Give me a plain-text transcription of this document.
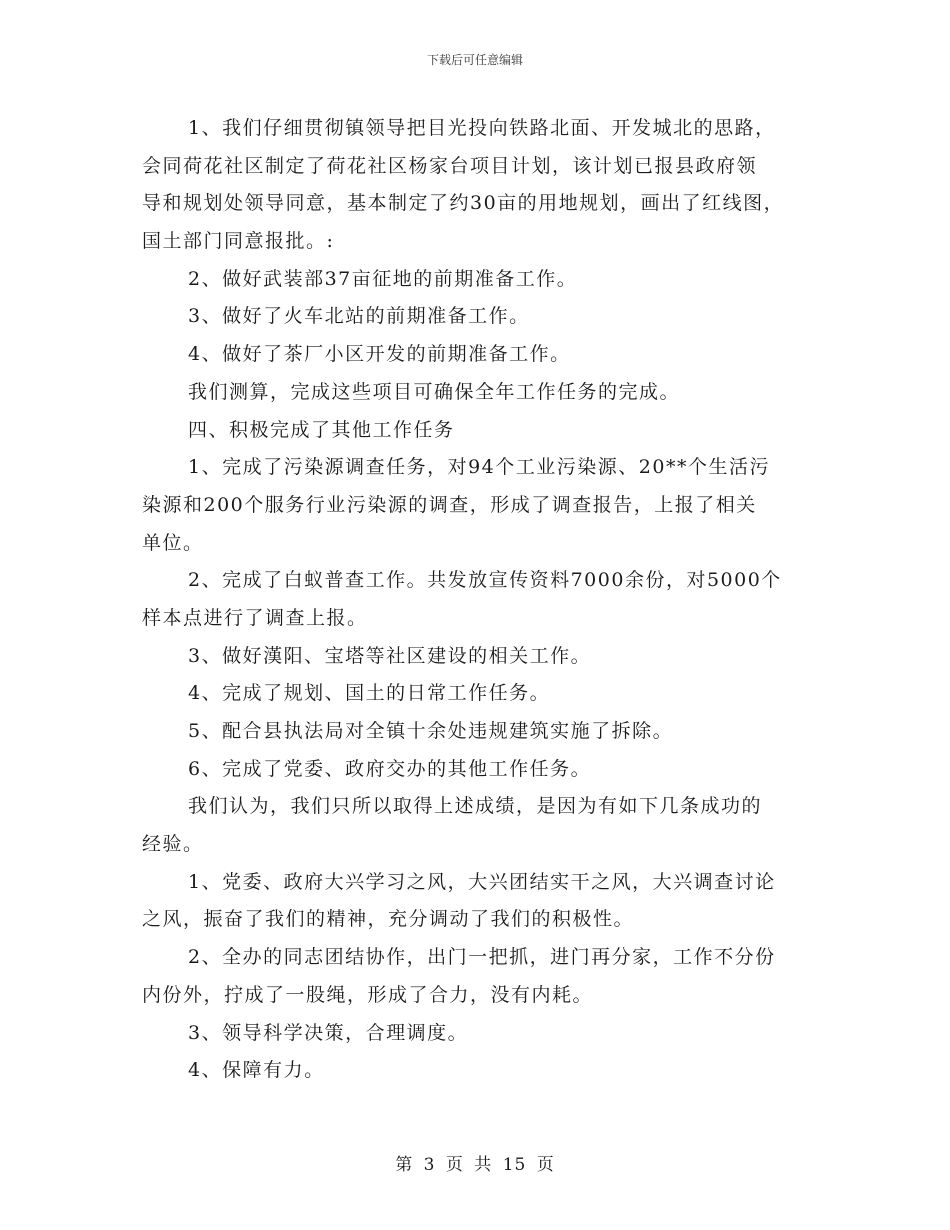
下载后可任意编辑
1、我们仔细贯彻镇领导把目光投向铁路北面、开发城北的思路，
会同荷花社区制定了荷花社区杨家台项目计划，该计划已报县政府领
导和规划处领导同意，基本制定了约30亩的用地规划，画出了红线图，
国土部门同意报批。:
2、做好武装部37亩征地的前期准备工作。
3、做好了火车北站的前期准备工作。
4、做好了茶厂小区开发的前期准备工作。
我们测算，完成这些项目可确保全年工作任务的完成。
四、积极完成了其他工作任务
1、完成了污染源调查任务，对94个工业污染源、20**个生活污
染源和200个服务行业污染源的调查，形成了调查报告，上报了相关
单位。
2、完成了白蚁普查工作。共发放宣传资料7000余份，对5000个
样本点进行了调查上报。
3、做好漢阳、宝塔等社区建设的相关工作。
4、完成了规划、国土的日常工作任务。
5、配合县执法局对全镇十余处违规建筑实施了拆除。
6、完成了党委、政府交办的其他工作任务。
我们认为，我们只所以取得上述成绩，是因为有如下几条成功的
经验。
1、党委、政府大兴学习之风，大兴团结实干之风，大兴调查讨论
之风，振奋了我们的精神，充分调动了我们的积极性。
2、全办的同志团结协作，出门一把抓，进门再分家，工作不分份
内份外，拧成了一股绳，形成了合力，没有内耗。
3、领导科学决策，合理调度。
4、保障有力。
第 3 页 共 15 页
